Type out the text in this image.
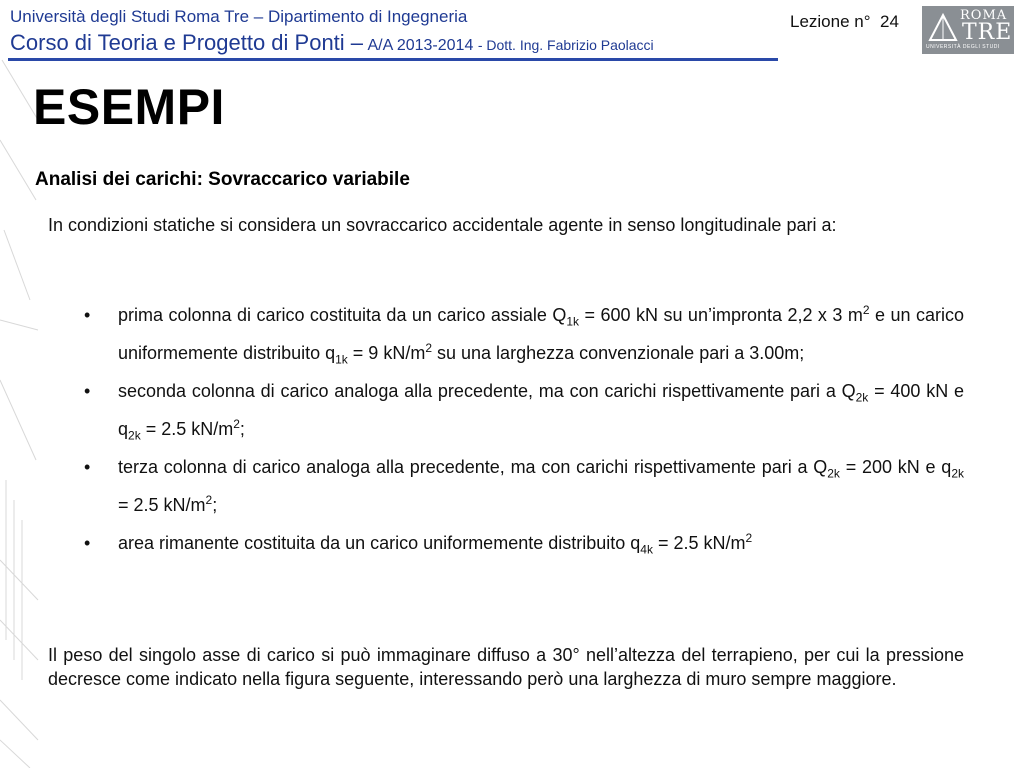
Università degli Studi Roma Tre – Dipartimento di Ingegneria
Corso di Teoria e Progetto di Ponti – A/A 2013-2014 - Dott. Ing. Fabrizio Paolacci
Lezione n° 24	ROMA
TRE
UNIVERSITÀ DEGLI STUDI
ESEMPI
Analisi dei carichi: Sovraccarico variabile

In condizioni statiche si considera un sovraccarico accidentale agente in senso longitudinale pari a:

• prima colonna di carico costituita da un carico assiale $Q_{1k} = 600$ kN su un’impronta 2,2 x 3 $m^2$ e un carico uniformemente distribuito $q_{1k} = 9$ $kN/m^2$ su una larghezza convenzionale pari a 3.00m;
• seconda colonna di carico analoga alla precedente, ma con carichi rispettivamente pari a $Q_{2k} = 400$ kN e $q_{2k} = 2.5$ $kN/m^2$;
• terza colonna di carico analoga alla precedente, ma con carichi rispettivamente pari a $Q_{2k} = 200$ kN e $q_{2k} = 2.5$ $kN/m^2$;
• area rimanente costituita da un carico uniformemente distribuito $q_{4k} = 2.5$ $kN/m^2$

Il peso del singolo asse di carico si può immaginare diffuso a 30° nell’altezza del terrapieno, per cui la pressione decresce come indicato nella figura seguente, interessando però una larghezza di muro sempre maggiore.
